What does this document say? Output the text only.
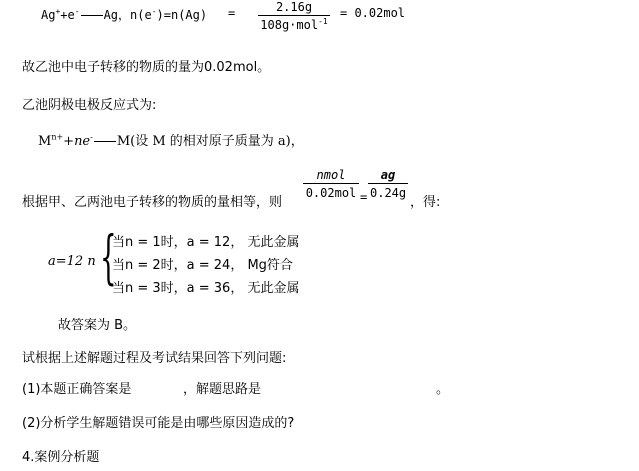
Ag++e- Ag，n(e-)=n(Ag) =	2.16g
108g·mol$^{-1}$
= 0.02mol
故乙池中电子转移的物质的量为0.02mol。
乙池阴极电极反应式为:
$M^{n+}+ne^-$ M(设 M 的相对原子质量为 a)，
根据甲、乙两池电子转移的物质的量相等，则
nmol
$0.02mol = \frac{ag}{0.24g}$
，得:
a=12 n {
当n = 1时，a = 12， 无此金属
当n = 2时，a = 24， Mg符合
当n = 3时，a = 36， 无此金属
故答案为 B。
试根据上述解题过程及考试结果回答下列问题:
(1)本题正确答案是	，解题思路是	。
(2)分析学生解题错误可能是由哪些原因造成的?
4.案例分析题
